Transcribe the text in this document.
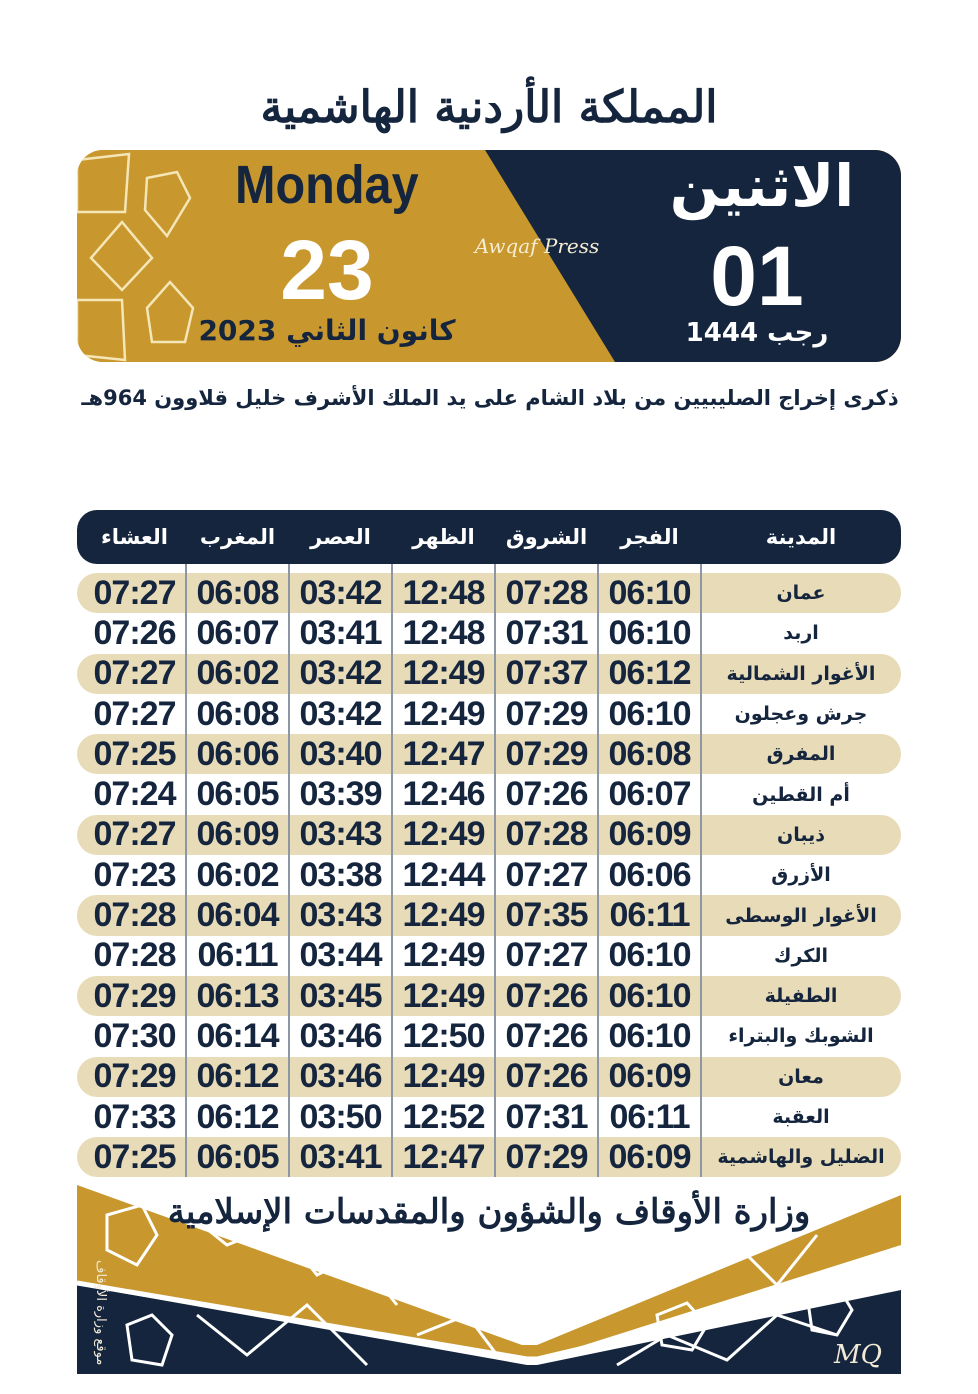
المملكة الأردنية الهاشمية
Monday
23
كانون الثاني 2023
Awqaf Press
الاثنين
01
رجب 1444
ذكرى إخراج الصليبيين من بلاد الشام على يد الملك الأشرف خليل قلاوون 964هـ
المدينة
الفجر
الشروق
الظهر
العصر
المغرب
العشاء
عمان
06:10
07:28
12:48
03:42
06:08
07:27
اربد
06:10
07:31
12:48
03:41
06:07
07:26
الأغوار الشمالية
06:12
07:37
12:49
03:42
06:02
07:27
جرش وعجلون
06:10
07:29
12:49
03:42
06:08
07:27
المفرق
06:08
07:29
12:47
03:40
06:06
07:25
أم القطين
06:07
07:26
12:46
03:39
06:05
07:24
ذيبان
06:09
07:28
12:49
03:43
06:09
07:27
الأزرق
06:06
07:27
12:44
03:38
06:02
07:23
الأغوار الوسطى
06:11
07:35
12:49
03:43
06:04
07:28
الكرك
06:10
07:27
12:49
03:44
06:11
07:28
الطفيلة
06:10
07:26
12:49
03:45
06:13
07:29
الشوبك والبتراء
06:10
07:26
12:50
03:46
06:14
07:30
معان
06:09
07:26
12:49
03:46
06:12
07:29
العقبة
06:11
07:31
12:52
03:50
06:12
07:33
الضليل والهاشمية
06:09
07:29
12:47
03:41
06:05
07:25
وزارة الأوقاف والشؤون والمقدسات الإسلامية
موقع وزارة الأوقاف	MQ
